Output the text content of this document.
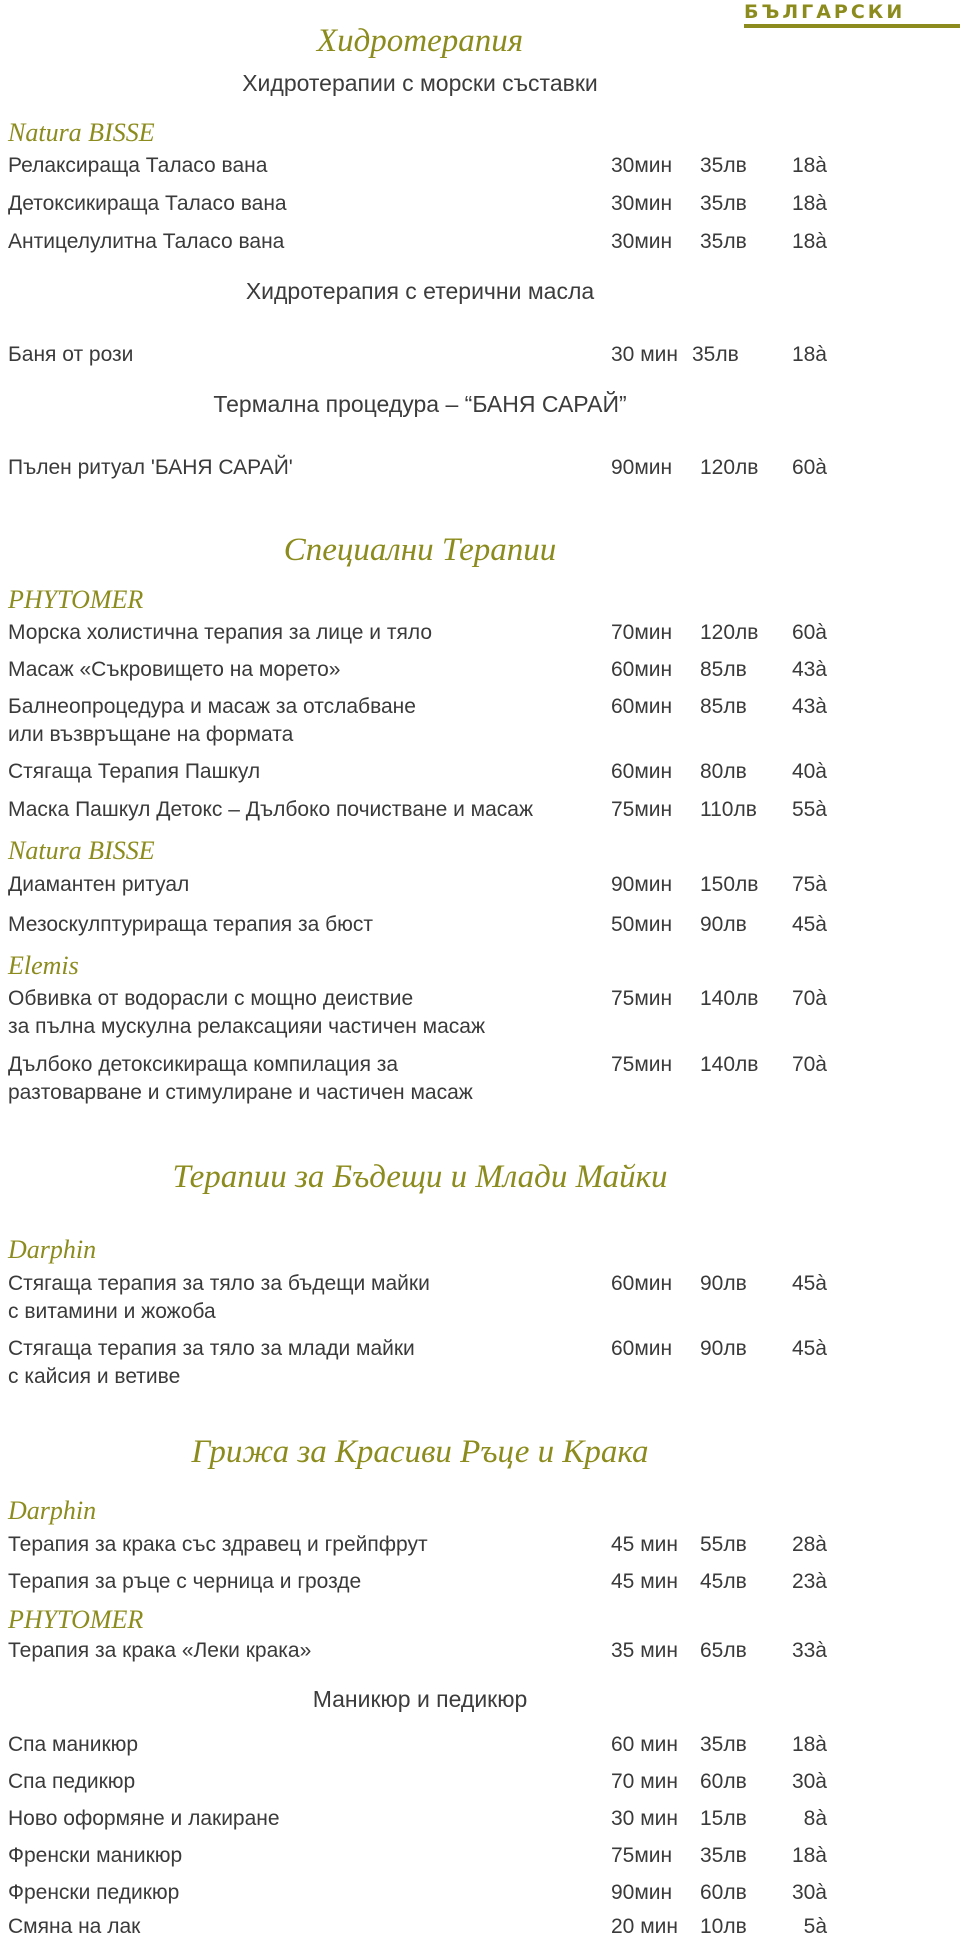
БЪЛГАРСКИ
Хидротерапия
Хидротерапии с морски съставки
Natura BISSE
Релаксираща Таласо вана	30мин 35лв 18à
Детоксикираща Таласо вана	30мин 35лв 18à
Антицелулитна Таласо вана	30мин 35лв 18à
Хидротерапия с етерични масла
Баня от рози	30 мин 35лв	18à
Термална процедура – “БАНЯ САРАЙ”
Пълен ритуал 'БАНЯ САРАЙ'	90мин 120лв 60à
Специални Терапии
PHYTOMER
Морска холистична терапия за лице и тяло	70мин 120лв 60à
Масаж «Съкровището на морето»	60мин 85лв 43à
Балнеопроцедура и масаж за отслабване
или възвръщане на формата
60мин 85лв 43à
Стягаща Терапия Пашкул	60мин 80лв 40à
Маска Пашкул Детокс – Дълбоко почистване и масаж	75мин 110лв 55à
Natura BISSE
Диамантен ритуал	90мин 150лв 75à
Мезоскулптурираща терапия за бюст	50мин 90лв 45à
Elemis
Обвивка от водорасли с мощно деиcтвие
за пълна мускулна релаксацияи частичен масаж
75мин 140лв 70à
Дълбоко детоксикираща компилация за
разтоварване и стимулиране и частичен масаж
75мин 140лв 70à
Терапии за Бъдещи и Млади Майки
Darphin
Стягаща терапия за тяло за бъдещи майки
с витамини и жожоба
60мин 90лв 45à
Стягаща терапия за тяло за млади майки
с кайсия и ветиве
60мин 90лв 45à
Грижа за Красиви Ръце и Крака
Darphin
Терапия за крака със здравец и грейпфрут	45 мин 55лв 28à
Терапия за ръце с черница и грозде	45 мин 45лв 23à
PHYTOMER
Терапия за крака «Леки крака»	35 мин 65лв 33à
Маникюр и педикюр
Спа маникюр	60 мин 35лв 18à
Спа педикюр	70 мин 60лв 30à
Ново оформяне и лакиране	30 мин 15лв	8à
Френски маникюр	75мин 35лв 18à
Френски педикюр	90мин 60лв 30à
Смяна на лак	20 мин 10лв	5à
